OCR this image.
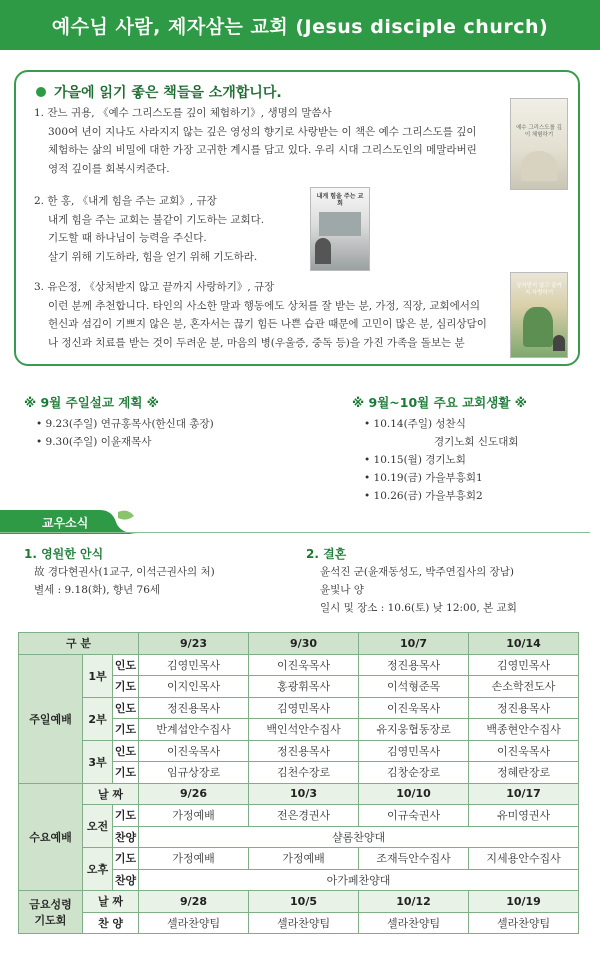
예수님 사람, 제자삼는 교회 (Jesus disciple church)
가을에 읽기 좋은 책들을 소개합니다.
1. 잔느 귀용, 《예수 그리스도를 깊이 체험하기》, 생명의 말씀사
300여 년이 지나도 사라지지 않는 깊은 영성의 향기로 사랑받는 이 책은 예수 그리스도를 깊이
체험하는 삶의 비밀에 대한 가장 고귀한 계시를 담고 있다. 우리 시대 그리스도인의 메말라버린
영적 깊이를 회복시켜준다.
2. 한 홍, 《내게 힘을 주는 교회》, 규장
내게 힘을 주는 교회는 불같이 기도하는 교회다.
기도할 때 하나님이 능력을 주신다.
살기 위해 기도하라, 힘을 얻기 위해 기도하라.
3. 유은정, 《상처받지 않고 끝까지 사랑하기》, 규장
이런 분께 추천합니다. 타인의 사소한 말과 행동에도 상처를 잘 받는 분, 가정, 직장, 교회에서의
헌신과 섬김이 기쁘지 않은 분, 혼자서는 끊기 힘든 나쁜 습관 때문에 고민이 많은 분, 심리상담이
나 정신과 치료를 받는 것이 두려운 분, 마음의 병(우울증, 중독 등)을 가진 가족을 돌보는 분
예수 그리스도를 깊이 체험하기
내게 힘을 주는 교회
상처받지 않고 끝까지 사랑하기
※ 9월 주일설교 계획 ※
• 9.23(주일) 연규홍목사(한신대 총장)
• 9.30(주일) 이윤재목사
※ 9월~10월 주요 교회생활 ※
• 10.14(주일) 성찬식
경기노회 신도대회
• 10.15(월) 경기노회
• 10.19(금) 가을부흥회1
• 10.26(금) 가을부흥회2
교우소식
1. 영원한 안식
故 경다현권사(1교구, 이석근권사의 처)
별세 : 9.18(화), 향년 76세
2. 결혼
윤석진 군(윤재동성도, 박주연집사의 장남)
윤빛나 양
일시 및 장소 : 10.6(토) 낮 12:00, 본 교회
구 분			9/23	9/30	10/7	10/14
주일예배	1부	인도	김영민목사	이진욱목사	정진용목사	김영민목사
		기도	이지인목사	홍광휘목사	이석형준목	손소학전도사
	2부	인도	정진용목사	김영민목사	이진욱목사	정진용목사
		기도	반계섭안수집사	백인석안수집사	유지웅협동장로	백종현안수집사
	3부	인도	이진욱목사	정진용목사	김영민목사	이진욱목사
		기도	임규상장로	김천수장로	김창순장로	정혜란장로
수요예배	날 짜		9/26	10/3	10/10	10/17
	오전	기도	가정예배	전은경권사	이규숙권사	유미영권사
		찬양	샬롬찬양대			
	오후	기도	가정예배	가정예배	조재득안수집사	지세용안수집사
		찬양	아가페찬양대			

금요성령
기도회	날 짜		9/28	10/5	10/12	10/19
	찬 양		셀라찬양팀	셀라찬양팀	셀라찬양팀	셀라찬양팀
